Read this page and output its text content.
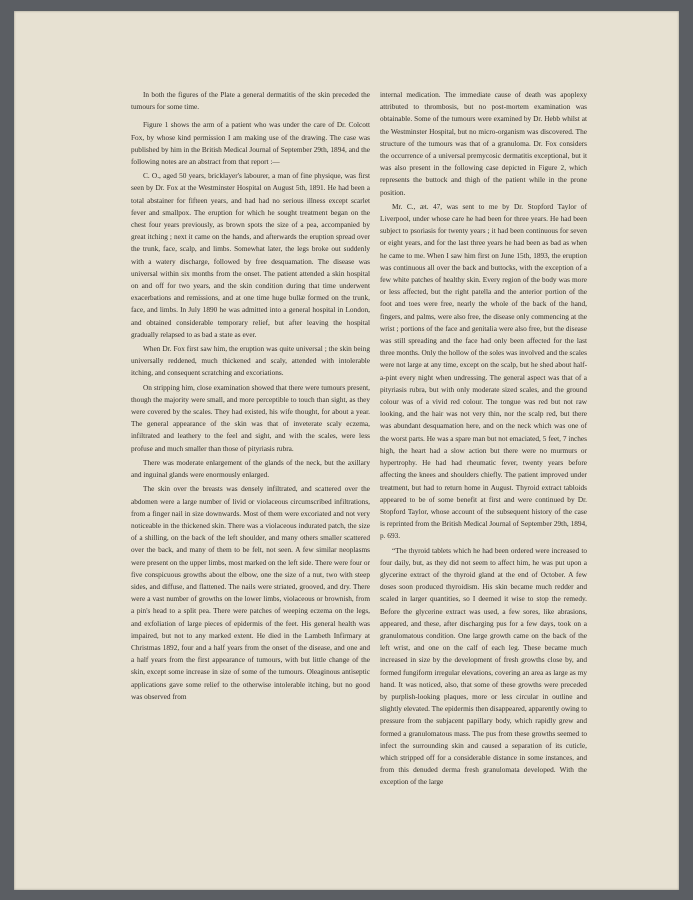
In both the figures of the Plate a general dermatitis of the skin preceded the tumours for some time.

Figure 1 shows the arm of a patient who was under the care of Dr. Colcott Fox, by whose kind permission I am making use of the drawing. The case was published by him in the British Medical Journal of September 29th, 1894, and the following notes are an abstract from that report :—

C. O., aged 50 years, bricklayer's labourer, a man of fine physique, was first seen by Dr. Fox at the Westminster Hospital on August 5th, 1891. He had been a total abstainer for fifteen years, and had had no serious illness except scarlet fever and smallpox. The eruption for which he sought treatment began on the chest four years previously, as brown spots the size of a pea, accompanied by great itching ; next it came on the hands, and afterwards the eruption spread over the trunk, face, scalp, and limbs. Somewhat later, the legs broke out suddenly with a watery discharge, followed by free desquamation. The disease was universal within six months from the onset. The patient attended a skin hospital on and off for two years, and the skin condition during that time underwent exacerbations and remissions, and at one time huge bullæ formed on the trunk, face, and limbs. In July 1890 he was admitted into a general hospital in London, and obtained considerable temporary relief, but after leaving the hospital gradually relapsed to as bad a state as ever.

When Dr. Fox first saw him, the eruption was quite universal ; the skin being universally reddened, much thickened and scaly, attended with intolerable itching, and consequent scratching and excoriations.

On stripping him, close examination showed that there were tumours present, though the majority were small, and more perceptible to touch than sight, as they were covered by the scales. They had existed, his wife thought, for about a year. The general appearance of the skin was that of inveterate scaly eczema, infiltrated and leathery to the feel and sight, and with the scales, were less profuse and much smaller than those of pityriasis rubra.

There was moderate enlargement of the glands of the neck, but the axillary and inguinal glands were enormously enlarged.

The skin over the breasts was densely infiltrated, and scattered over the abdomen were a large number of livid or violaceous circumscribed infiltrations, from a finger nail in size downwards. Most of them were excoriated and not very noticeable in the thickened skin. There was a violaceous indurated patch, the size of a shilling, on the back of the left shoulder, and many others smaller scattered over the back, and many of them to be felt, not seen. A few similar neoplasms were present on the upper limbs, most marked on the left side. There were four or five conspicuous growths about the elbow, one the size of a nut, two with steep sides, and diffuse, and flattened. The nails were striated, grooved, and dry. There were a vast number of growths on the lower limbs, violaceous or brownish, from a pin's head to a split pea. There were patches of weeping eczema on the legs, and exfoliation of large pieces of epidermis of the feet. His general health was impaired, but not to any marked extent. He died in the Lambeth Infirmary at Christmas 1892, four and a half years from the onset of the disease, and one and a half years from the first appearance of tumours, with but little change of the skin, except some increase in size of some of the tumours. Oleaginous antiseptic applications gave some relief to the otherwise intolerable itching, but no good was observed from

internal medication. The immediate cause of death was apoplexy attributed to thrombosis, but no post-mortem examination was obtainable. Some of the tumours were examined by Dr. Hebb whilst at the Westminster Hospital, but no micro-organism was discovered. The structure of the tumours was that of a granuloma. Dr. Fox considers the occurrence of a universal premycosic dermatitis exceptional, but it was also present in the following case depicted in Figure 2, which represents the buttock and thigh of the patient while in the prone position.

Mr. C., æt. 47, was sent to me by Dr. Stopford Taylor of Liverpool, under whose care he had been for three years. He had been subject to psoriasis for twenty years ; it had been continuous for seven or eight years, and for the last three years he had been as bad as when he came to me. When I saw him first on June 15th, 1893, the eruption was continuous all over the back and buttocks, with the exception of a few white patches of healthy skin. Every region of the body was more or less affected, but the right patella and the anterior portion of the foot and toes were free, nearly the whole of the back of the hand, fingers, and palms, were also free, the disease only commencing at the wrist ; portions of the face and genitalia were also free, but the disease was still spreading and the face had only been affected for the last three months. Only the hollow of the soles was involved and the scales were not large at any time, except on the scalp, but he shed about half-a-pint every night when undressing. The general aspect was that of a pityriasis rubra, but with only moderate sized scales, and the ground colour was of a vivid red colour. The tongue was red but not raw looking, and the hair was not very thin, nor the scalp red, but there was abundant desquamation here, and on the neck which was one of the worst parts. He was a spare man but not emaciated, 5 feet, 7 inches high, the heart had a slow action but there were no murmurs or hypertrophy. He had had rheumatic fever, twenty years before affecting the knees and shoulders chiefly. The patient improved under treatment, but had to return home in August. Thyroid extract tabloids appeared to be of some benefit at first and were continued by Dr. Stopford Taylor, whose account of the subsequent history of the case is reprinted from the British Medical Journal of September 29th, 1894, p. 693.

“The thyroid tablets which he had been ordered were increased to four daily, but, as they did not seem to affect him, he was put upon a glycerine extract of the thyroid gland at the end of October. A few doses soon produced thyroidism. His skin became much redder and scaled in larger quantities, so I deemed it wise to stop the remedy. Before the glycerine extract was used, a few sores, like abrasions, appeared, and these, after discharging pus for a few days, took on a granulomatous condition. One large growth came on the back of the left wrist, and one on the calf of each leg. These became much increased in size by the development of fresh growths close by, and formed fungiform irregular elevations, covering an area as large as my hand. It was noticed, also, that some of these growths were preceded by purplish-looking plaques, more or less circular in outline and slightly elevated. The epidermis then disappeared, apparently owing to pressure from the subjacent papillary body, which rapidly grew and formed a granulomatous mass. The pus from these growths seemed to infect the surrounding skin and caused a separation of its cuticle, which stripped off for a considerable distance in some instances, and from this denuded derma fresh granulomata developed. With the exception of the large
